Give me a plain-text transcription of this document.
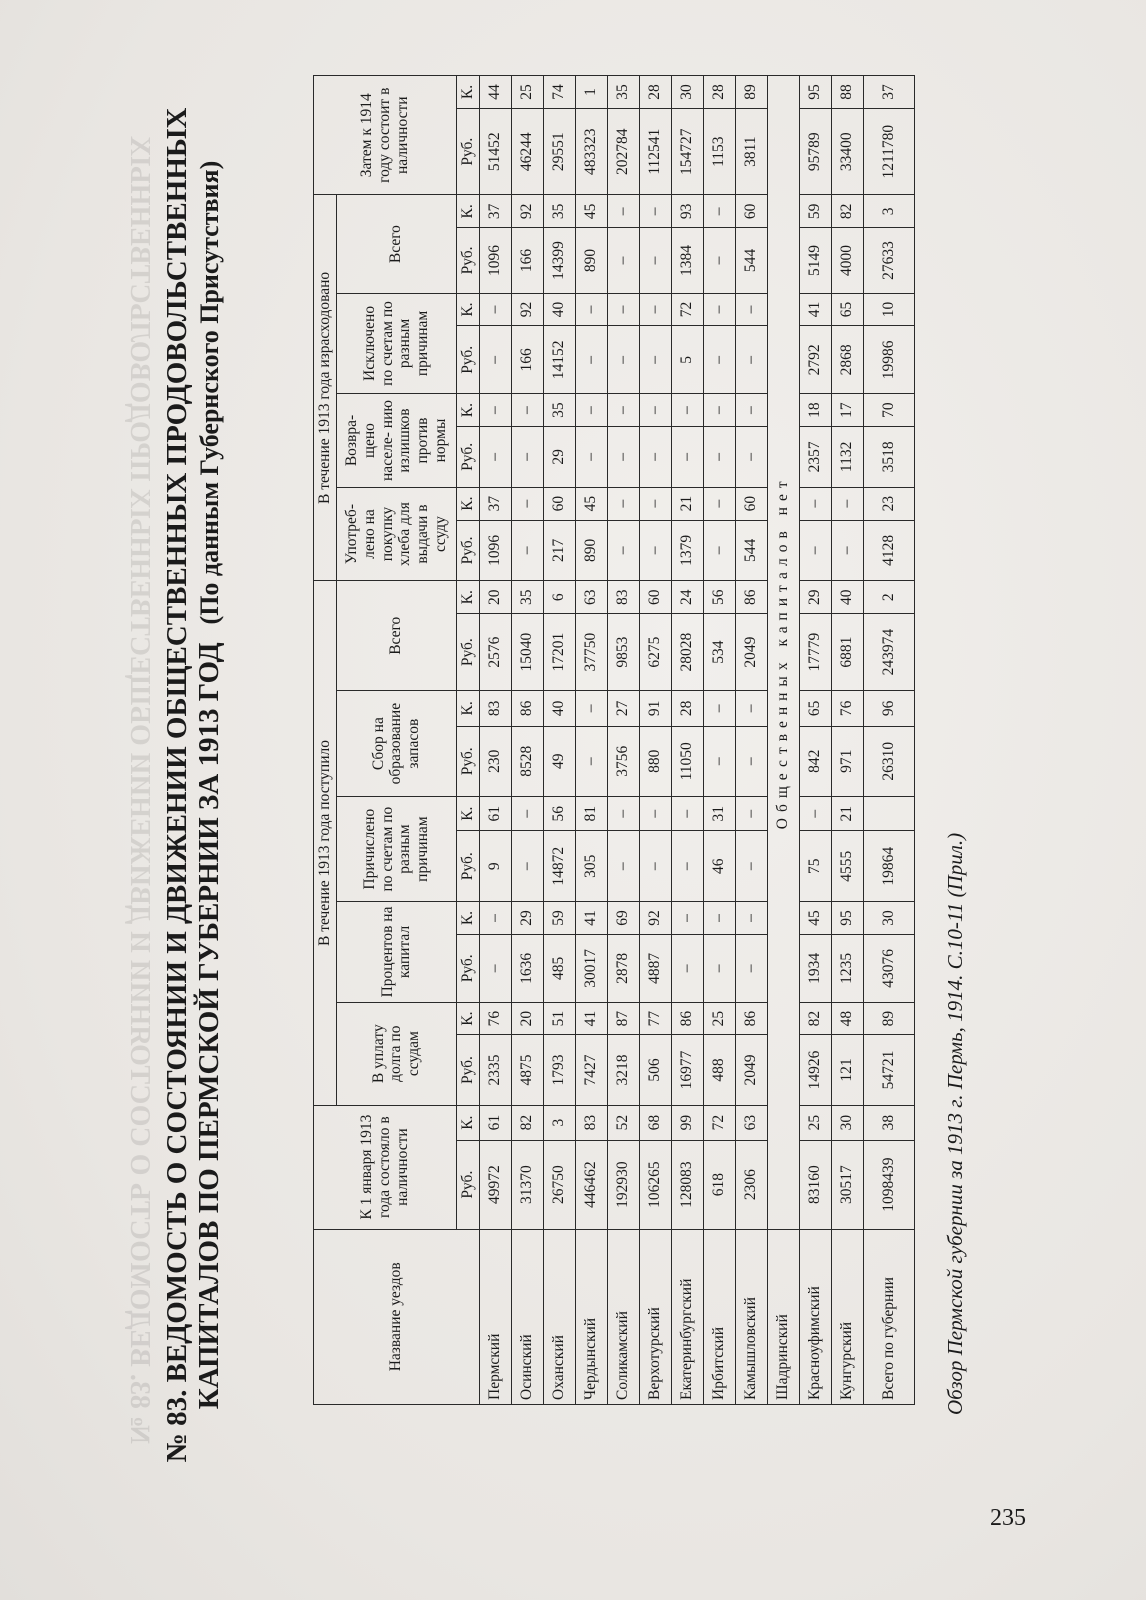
№ 83. ВЕДОМОСТЬ О СОСТОЯНИИ И ДВИЖЕНИИ ОБЩЕСТВЕННЫХ ПРОДОВОЛЬСТВЕННЫХ № 83. ВЕДОМОСТЬ О СОСТОЯНИИ И ДВИЖЕНИИ ОБЩЕСТВЕННЫХ ПРОДОВОЛЬСТВЕННЫХ КАПИТАЛОВ ПО ПЕРМСКОЙ ГУБЕРНИИ ЗА 1913 ГОД (По данным Губернского Присутствия)
Название уездов	К 1 января 1913 года состояло в наличности		В течение 1913 года поступило										В течение 1913 года израсходовано								Затем к 1914 году состоит в наличности	
			В уплату долга по ссудам		Процентов на капитал		Причислено по счетам по разным причинам		Сбор на образование запасов		Всего		Употреб- лено на покупку хлеба для выдачи в ссуду		Возвра- щено населе- нию излишков против нормы		Исключено по счетам по разным причинам		Всего			
	Руб.	К.	Руб.	К.	Руб.	К.	Руб.	К.	Руб.	К.	Руб.	К.	Руб.	К.	Руб.	К.	Руб.	К.	Руб.	К.	Руб.	К.
Пермский	49972	61	2335	76	–	–	9	61	230	83	2576	20	1096	37	–	–	–	–	1096	37	51452	44
Осинский	31370	82	4875	20	1636	29	–	–	8528	86	15040	35	–	–	–	–	166	92	166	92	46244	25
Оханский	26750	3	1793	51	485	59	14872	56	49	40	17201	6	217	60	29	35	14152	40	14399	35	29551	74
Чердынский	446462	83	7427	41	30017	41	305	81	–	–	37750	63	890	45	–	–	–	–	890	45	483323	1
Соликамский	192930	52	3218	87	2878	69	–	–	3756	27	9853	83	–	–	–	–	–	–	–	–	202784	35
Верхотурский	106265	68	506	77	4887	92	–	–	880	91	6275	60	–	–	–	–	–	–	–	–	112541	28
Екатеринбургский	128083	99	16977	86	–	–	–	–	11050	28	28028	24	1379	21	–	–	5	72	1384	93	154727	30
Ирбитский	618	72	488	25	–	–	46	31	–	–	534	56	–	–	–	–	–	–	–	–	1153	28
Камышловский	2306	63	2049	86	–	–	–	–	–	–	2049	86	544	60	–	–	–	–	544	60	3811	89
Шадринский	Общественных капиталов нет																					
Красноуфимский	83160	25	14926	82	1934	45	75	–	842	65	17779	29	–	–	2357	18	2792	41	5149	59	95789	95
Кунгурский	30517	30	121	48	1235	95	4555	21	971	76	6881	40	–	–	1132	17	2868	65	4000	82	33400	88
Всего по губернии	1098439	38	54721	89	43076	30	19864		26310	96	243974	2	4128	23	3518	70	19986	10	27633	3	1211780	37
Обзор Пермской губернии за 1913 г. Пермь, 1914. С.10-11 (Прил.)
235
